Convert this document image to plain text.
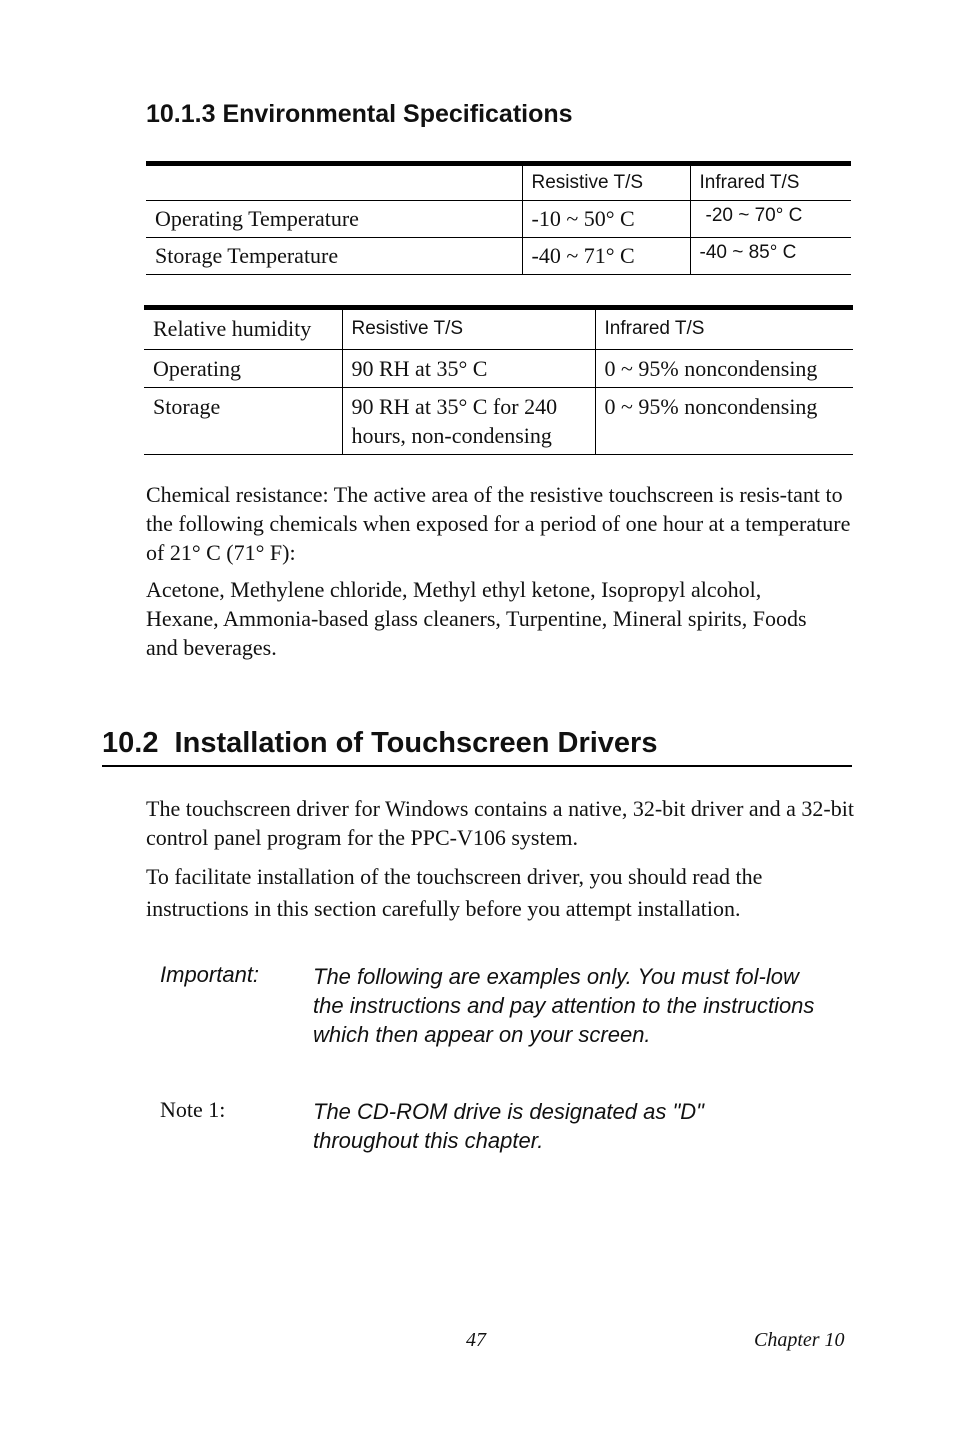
10.1.3 Environmental Specifications
	Resistive T/S	Infrared T/S
Operating Temperature	-10 ~ 50° C	-20 ~ 70° C
Storage Temperature	-40 ~ 71° C	-40 ~ 85° C
Relative humidity	Resistive T/S	Infrared T/S
Operating	90 RH at 35° C	0 ~ 95% noncondensing
Storage	90 RH at 35° C for 240 hours, non-condensing	0 ~ 95% noncondensing

Chemical resistance: The active area of the resistive touchscreen is resis-tant to the following chemicals when exposed for a period of one hour at a temperature of 21° C (71° F):

Acetone, Methylene chloride, Methyl ethyl ketone, Isopropyl alcohol, Hexane, Ammonia-based glass cleaners, Turpentine, Mineral spirits, Foods and beverages.

10.2  Installation of Touchscreen Drivers

The touchscreen driver for Windows contains a native, 32-bit driver and a 32-bit control panel program for the PPC-V106 system.

To facilitate installation of the touchscreen driver, you should read the instructions in this section carefully before you attempt installation.

Important: The following are examples only. You must fol-low the instructions and pay attention to the instructions which then appear on your screen.
Note 1:	The CD-ROM drive is designated as "D" throughout this chapter.
47	Chapter 10
